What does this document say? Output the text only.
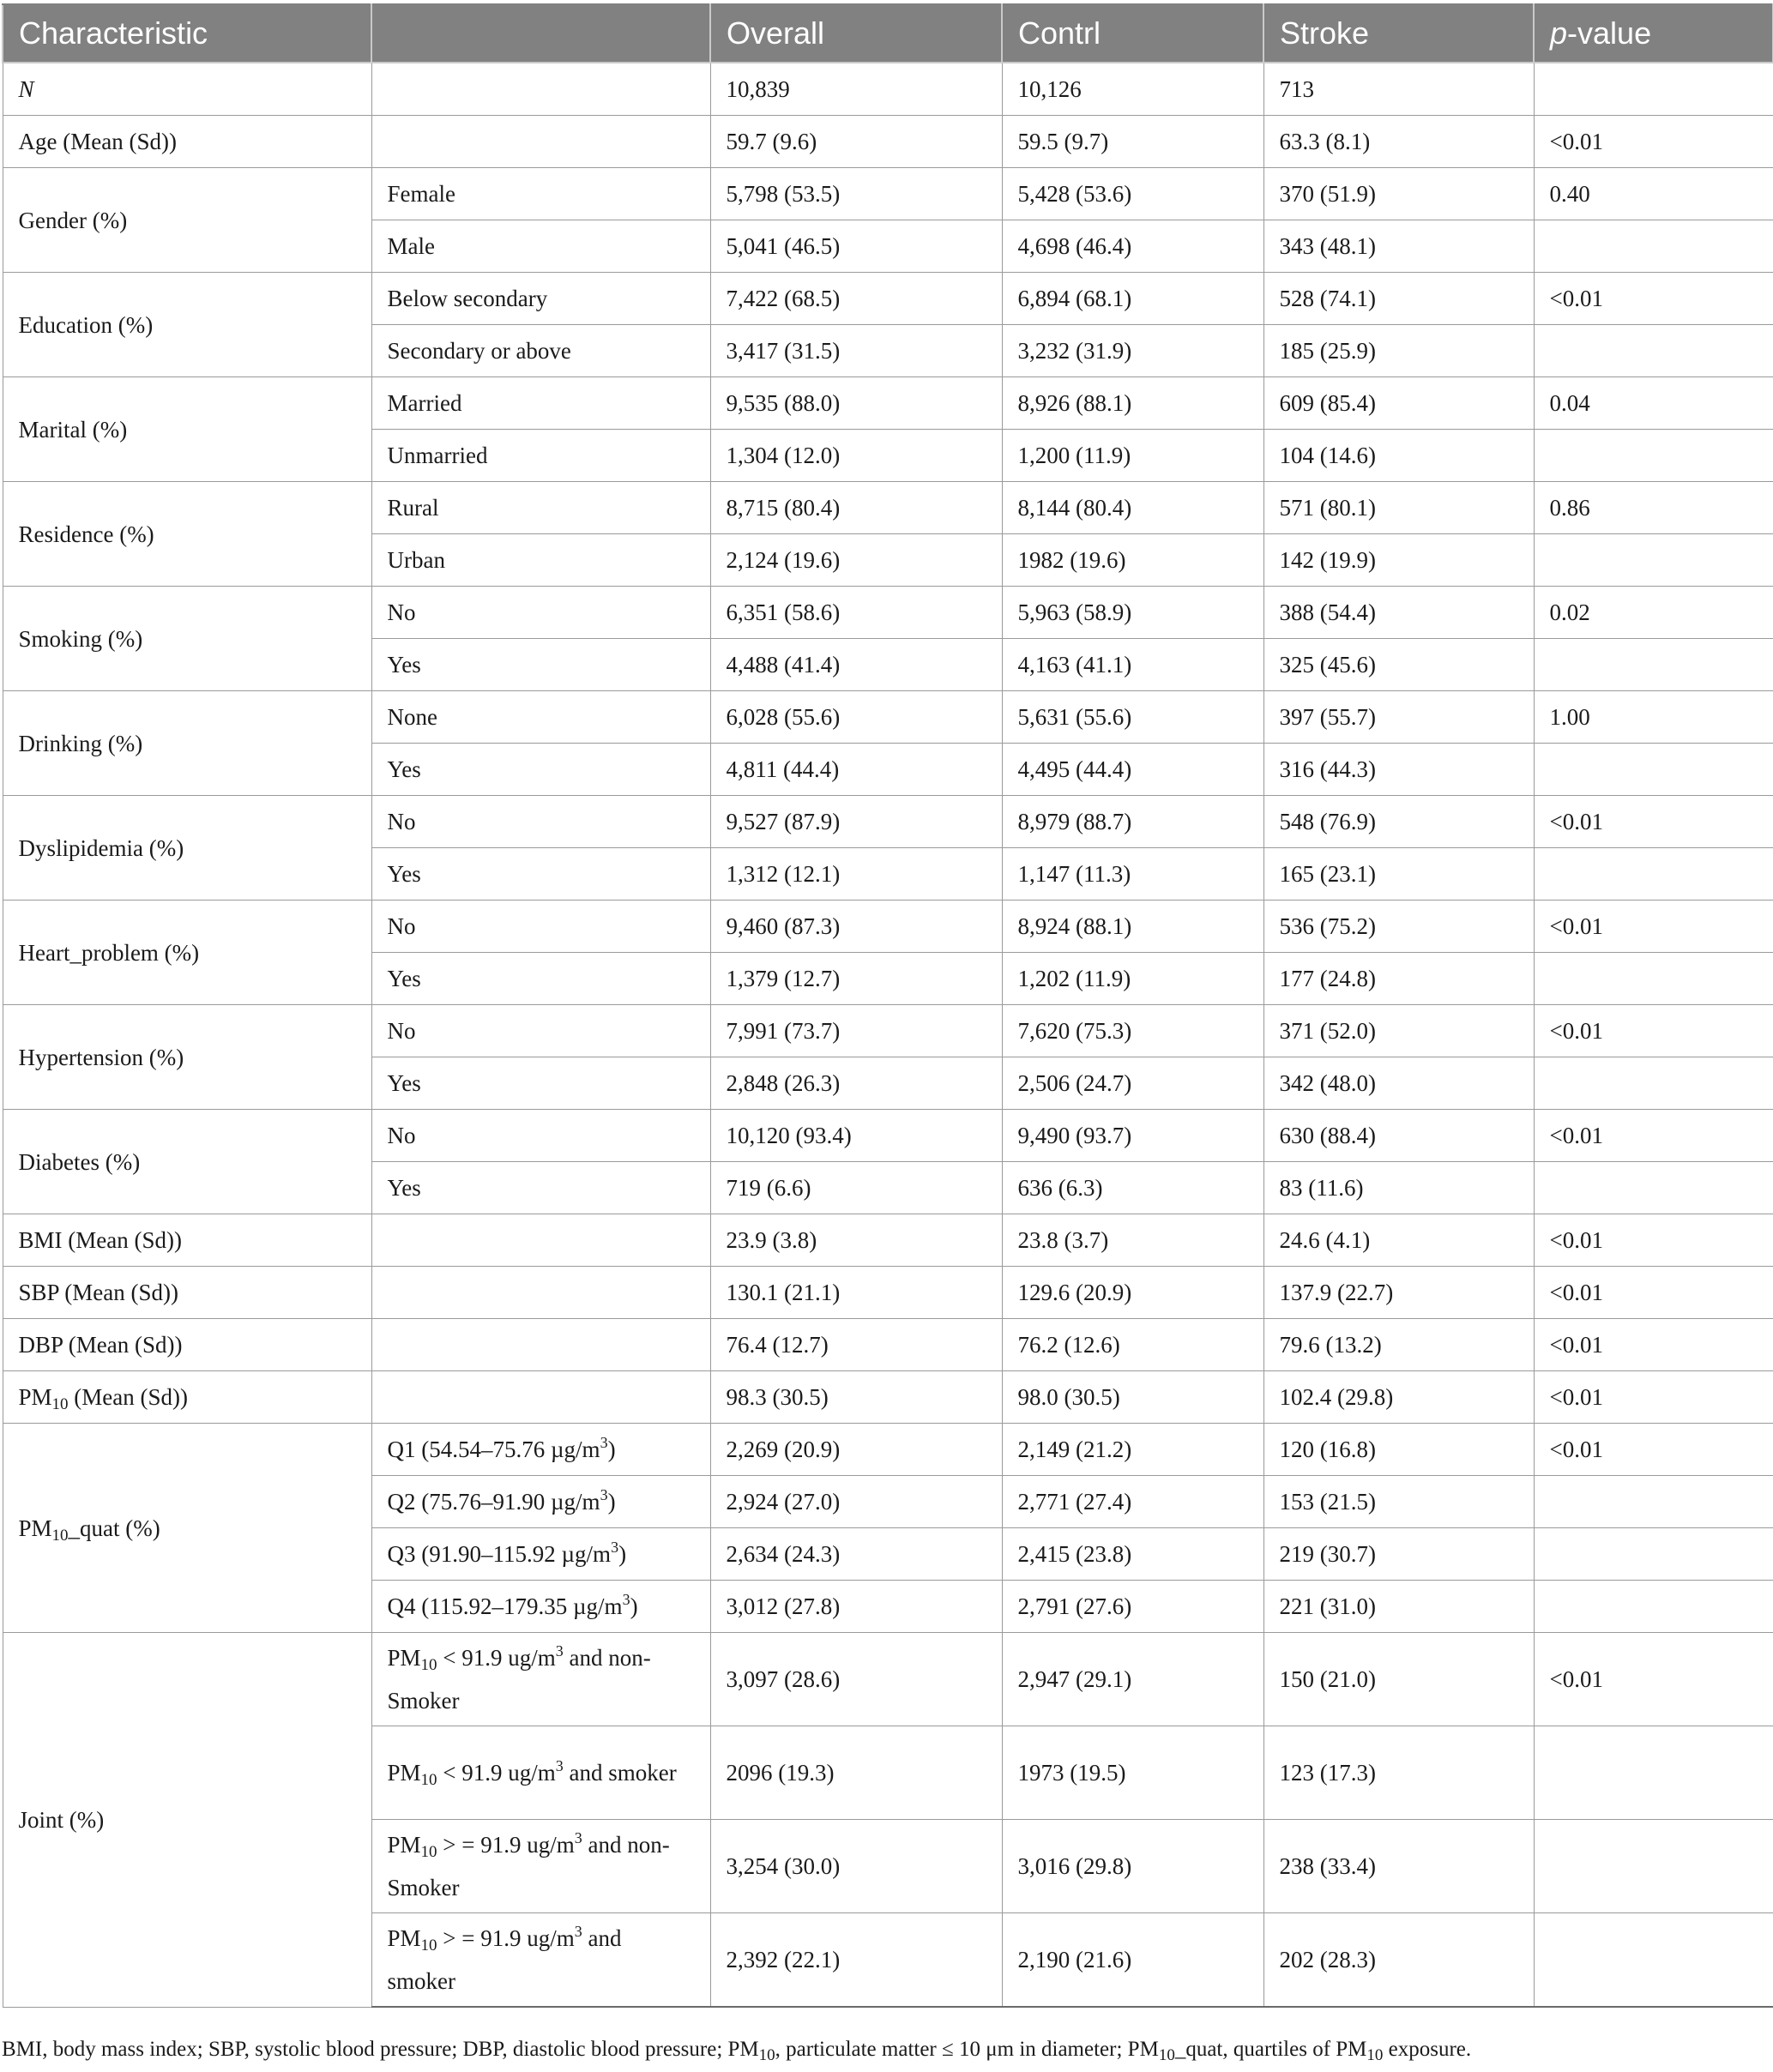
Characteristic		Overall	Contrl	Stroke	p-value
N		10,839	10,126	713	
Age (Mean (Sd))		59.7 (9.6)	59.5 (9.7)	63.3 (8.1)	<0.01
Gender (%)	Female	5,798 (53.5)	5,428 (53.6)	370 (51.9)	0.40
	Male	5,041 (46.5)	4,698 (46.4)	343 (48.1)	
Education (%)	Below secondary	7,422 (68.5)	6,894 (68.1)	528 (74.1)	<0.01
	Secondary or above	3,417 (31.5)	3,232 (31.9)	185 (25.9)	
Marital (%)	Married	9,535 (88.0)	8,926 (88.1)	609 (85.4)	0.04
	Unmarried	1,304 (12.0)	1,200 (11.9)	104 (14.6)	
Residence (%)	Rural	8,715 (80.4)	8,144 (80.4)	571 (80.1)	0.86
	Urban	2,124 (19.6)	1982 (19.6)	142 (19.9)	
Smoking (%)	No	6,351 (58.6)	5,963 (58.9)	388 (54.4)	0.02
	Yes	4,488 (41.4)	4,163 (41.1)	325 (45.6)	
Drinking (%)	None	6,028 (55.6)	5,631 (55.6)	397 (55.7)	1.00
	Yes	4,811 (44.4)	4,495 (44.4)	316 (44.3)	
Dyslipidemia (%)	No	9,527 (87.9)	8,979 (88.7)	548 (76.9)	<0.01
	Yes	1,312 (12.1)	1,147 (11.3)	165 (23.1)	
Heart_problem (%)	No	9,460 (87.3)	8,924 (88.1)	536 (75.2)	<0.01
	Yes	1,379 (12.7)	1,202 (11.9)	177 (24.8)	
Hypertension (%)	No	7,991 (73.7)	7,620 (75.3)	371 (52.0)	<0.01
	Yes	2,848 (26.3)	2,506 (24.7)	342 (48.0)	
Diabetes (%)	No	10,120 (93.4)	9,490 (93.7)	630 (88.4)	<0.01
	Yes	719 (6.6)	636 (6.3)	83 (11.6)	
BMI (Mean (Sd))		23.9 (3.8)	23.8 (3.7)	24.6 (4.1)	<0.01
SBP (Mean (Sd))		130.1 (21.1)	129.6 (20.9)	137.9 (22.7)	<0.01
DBP (Mean (Sd))		76.4 (12.7)	76.2 (12.6)	79.6 (13.2)	<0.01
$PM_{10}$ (Mean (Sd))		98.3 (30.5)	98.0 (30.5)	102.4 (29.8)	<0.01
$PM_{10}\_quat$ (%)	Q1 (54.54–75.76 $\mu g/m^3$)	2,269 (20.9)	2,149 (21.2)	120 (16.8)	<0.01
	Q2 (75.76–91.90 $\mu g/m^3$)	2,924 (27.0)	2,771 (27.4)	153 (21.5)	
	Q3 (91.90–115.92 $\mu g/m^3$)	2,634 (24.3)	2,415 (23.8)	219 (30.7)	
	Q4 (115.92–179.35 $\mu g/m^3$)	3,012 (27.8)	2,791 (27.6)	221 (31.0)	
Joint (%)	$PM_{10} < 91.9$ $ug/m^3$ and non-Smoker	3,097 (28.6)	2,947 (29.1)	150 (21.0)	<0.01
	$PM_{10} < 91.9$ $ug/m^3$ and smoker	2096 (19.3)	1973 (19.5)	123 (17.3)	
	$PM_{10}$ > = 91.9 $ug/m^3$ and non-Smoker	3,254 (30.0)	3,016 (29.8)	238 (33.4)	
	$PM_{10}$ > = 91.9 $ug/m^3$ and smoker	2,392 (22.1)	2,190 (21.6)	202 (28.3)	
BMI, body mass index; SBP, systolic blood pressure; DBP, diastolic blood pressure; $PM_{10}$, particulate matter ≤ 10 μm in diameter; $PM_{10}\_quat$, quartiles of $PM_{10}$ exposure.
